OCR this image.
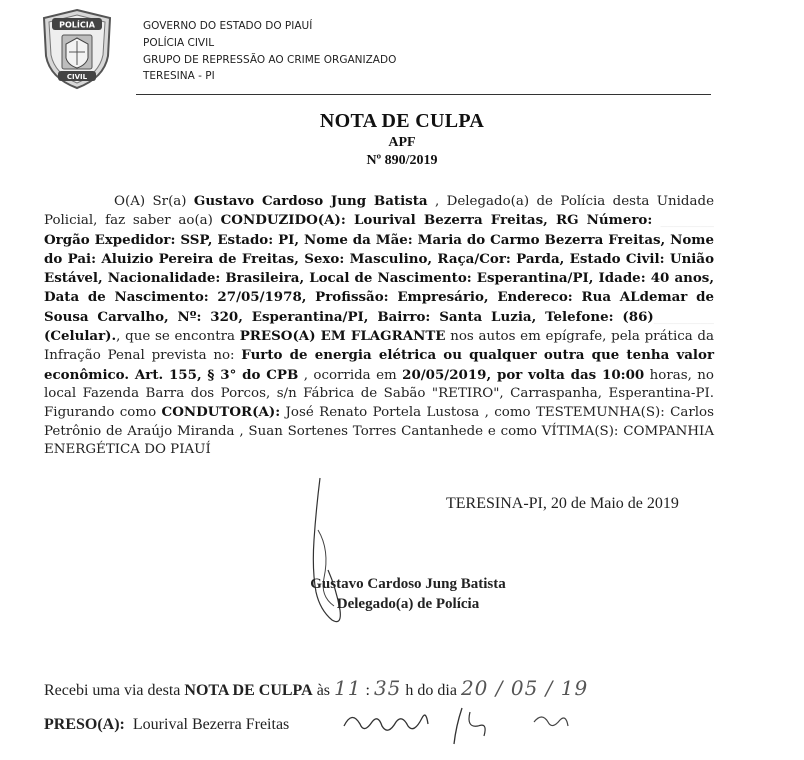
POLÍCIA
CIVIL
GOVERNO DO ESTADO DO PIAUÍ
POLÍCIA CIVIL
GRUPO DE REPRESSÃO AO CRIME ORGANIZADO
TERESINA - PI
NOTA DE CULPA
APF
Nº 890/2019
O(A) Sr(a) Gustavo Cardoso Jung Batista , Delegado(a) de Polícia desta Unidade Policial, faz saber ao(a) CONDUZIDO(A): Lourival Bezerra Freitas, RG Número: ________ Orgão Expedidor: SSP, Estado: PI, Nome da Mãe: Maria do Carmo Bezerra Freitas, Nome do Pai: Aluizio Pereira de Freitas, Sexo: Masculino, Raça/Cor: Parda, Estado Civil: União Estável, Nacionalidade: Brasileira, Local de Nascimento: Esperantina/PI, Idade: 40 anos, Data de Nascimento: 27/05/1978, Profissão: Empresário, Endereco: Rua ALdemar de Sousa Carvalho, Nº: 320, Esperantina/PI, Bairro: Santa Luzia, Telefone: (86)_________ (Celular)., que se encontra PRESO(A) EM FLAGRANTE nos autos em epígrafe, pela prática da Infração Penal prevista no: Furto de energia elétrica ou qualquer outra que tenha valor econômico. Art. 155, § 3° do CPB , ocorrida em 20/05/2019, por volta das 10:00 horas, no local Fazenda Barra dos Porcos, s/n Fábrica de Sabão "RETIRO", Carraspanha, Esperantina-PI. Figurando como CONDUTOR(A): José Renato Portela Lustosa , como TESTEMUNHA(S): Carlos Petrônio de Araújo Miranda , Suan Sortenes Torres Cantanhede e como VÍTIMA(S): COMPANHIA ENERGÉTICA DO PIAUÍ
TERESINA-PI, 20 de Maio de 2019
Gustavo Cardoso Jung Batista
Delegado(a) de Polícia
Recebi uma via desta NOTA DE CULPA às 11 : 35 h do dia 20 / 05 / 19
PRESO(A): Lourival Bezerra Freitas
